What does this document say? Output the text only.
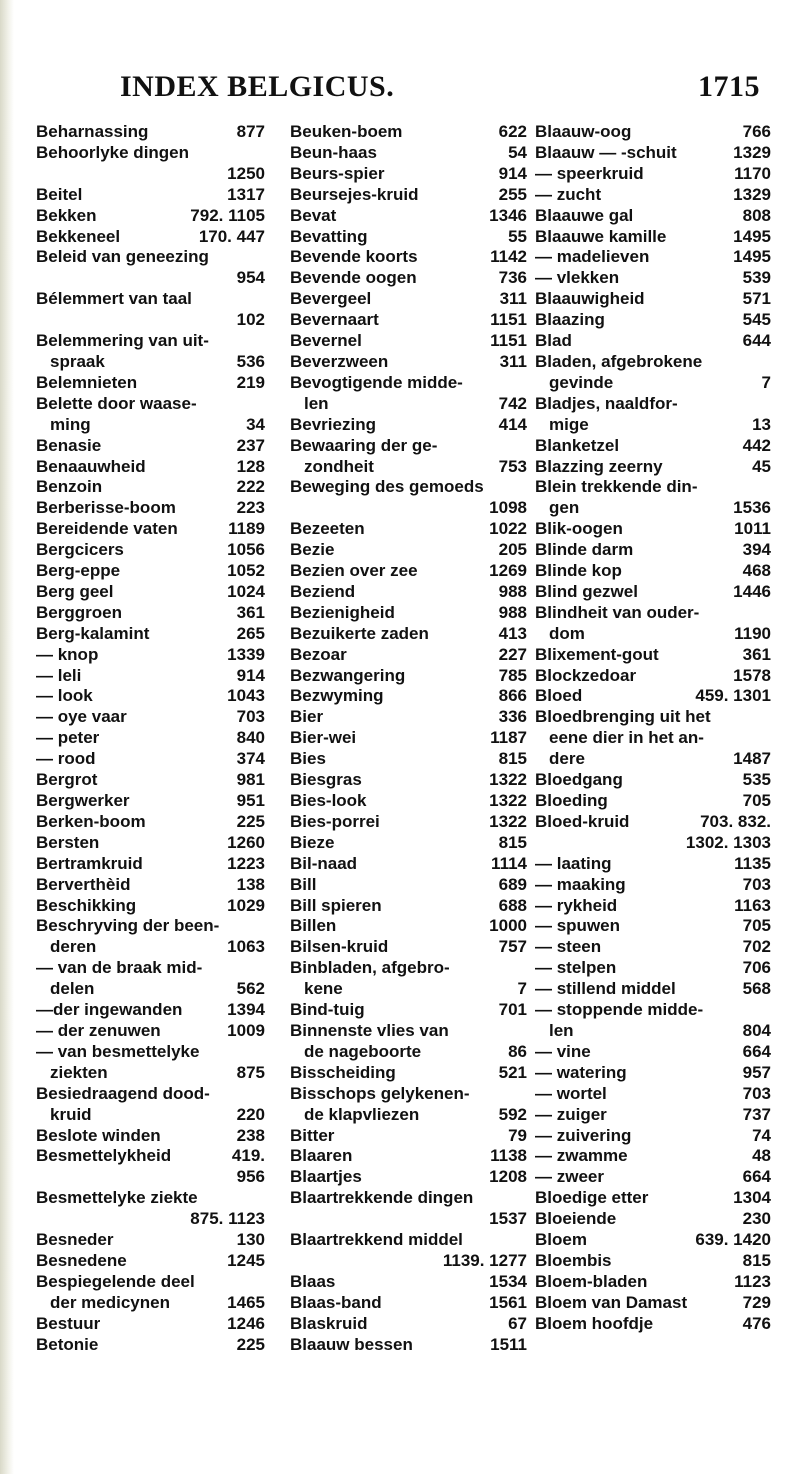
INDEX BELGICUS.	1715
Beharnassing	877
Behoorlyke dingen
1250
Beitel	1317
Bekken	792. 1105
Bekkeneel	170. 447
Beleid van geneezing
954
Bélemmert van taal
102
Belemmering van uit-
spraak	536
Belemnieten	219
Belette door waase-
ming	34
Benasie	237
Benaauwheid	128
Benzoin	222
Berberisse-boom	223
Bereidende vaten	1189
Bergcicers	1056
Berg-eppe	1052
Berg geel	1024
Berggroen	361
Berg-kalamint	265
— knop	1339
— leli	914
— look	1043
— oye vaar	703
— peter	840
— rood	374
Bergrot	981
Bergwerker	951
Berken-boom	225
Bersten	1260
Bertramkruid	1223
Berverthèid	138
Beschikking	1029
Beschryving der been-
deren	1063
— van de braak mid-
delen	562
—der ingewanden	1394
— der zenuwen	1009
— van besmettelyke
ziekten	875
Besiedraagend dood-
kruid	220
Beslote winden	238
Besmettelykheid	419.
956
Besmettelyke ziekte
875. 1123
Besneder	130
Besnedene	1245
Bespiegelende deel
der medicynen	1465
Bestuur	1246
Betonie	225
Beuken-boem	622
Beun-haas	54
Beurs-spier	914
Beursejes-kruid	255
Bevat	1346
Bevatting	55
Bevende koorts	1142
Bevende oogen	736
Bevergeel	311
Bevernaart	1151
Bevernel	1151
Beverzween	311
Bevogtigende midde-
len	742
Bevriezing	414
Bewaaring der ge-
zondheit	753
Beweging des gemoeds
1098
Bezeeten	1022
Bezie	205
Bezien over zee	1269
Beziend	988
Bezienigheid	988
Bezuikerte zaden	413
Bezoar	227
Bezwangering	785
Bezwyming	866
Bier	336
Bier-wei	1187
Bies	815
Biesgras	1322
Bies-look	1322
Bies-porrei	1322
Bieze	815
Bil-naad	1114
Bill	689
Bill spieren	688
Billen	1000
Bilsen-kruid	757
Binbladen, afgebro-
kene	7
Bind-tuig	701
Binnenste vlies van
de nageboorte	86
Bisscheiding	521
Bisschops gelykenen-
de klapvliezen	592
Bitter	79
Blaaren	1138
Blaartjes	1208
Blaartrekkende dingen
1537
Blaartrekkend middel
1139. 1277
Blaas	1534
Blaas-band	1561
Blaskruid	67
Blaauw bessen	1511
Blaauw-oog	766
Blaauw — -schuit	1329
— speerkruid	1170
— zucht	1329
Blaauwe gal	808
Blaauwe kamille	1495
— madelieven	1495
— vlekken	539
Blaauwigheid	571
Blaazing	545
Blad	644
Bladen, afgebrokene
gevinde	7
Bladjes, naaldfor-
mige	13
Blanketzel	442
Blazzing zeerny	45
Blein trekkende din-
gen	1536
Blik-oogen	1011
Blinde darm	394
Blinde kop	468
Blind gezwel	1446
Blindheit van ouder-
dom	1190
Blixement-gout	361
Blockzedoar	1578
Bloed	459. 1301
Bloedbrenging uit het
eene dier in het an-
dere	1487
Bloedgang	535
Bloeding	705
Bloed-kruid	703. 832.
1302. 1303
— laating	1135
— maaking	703
— rykheid	1163
— spuwen	705
— steen	702
— stelpen	706
— stillend middel	568
— stoppende midde-
len	804
— vine	664
— watering	957
— wortel	703
— zuiger	737
— zuivering	74
— zwamme	48
— zweer	664
Bloedige etter	1304
Bloeiende	230
Bloem	639. 1420
Bloembis	815
Bloem-bladen	1123
Bloem van Damast	729
Bloem hoofdje	476
